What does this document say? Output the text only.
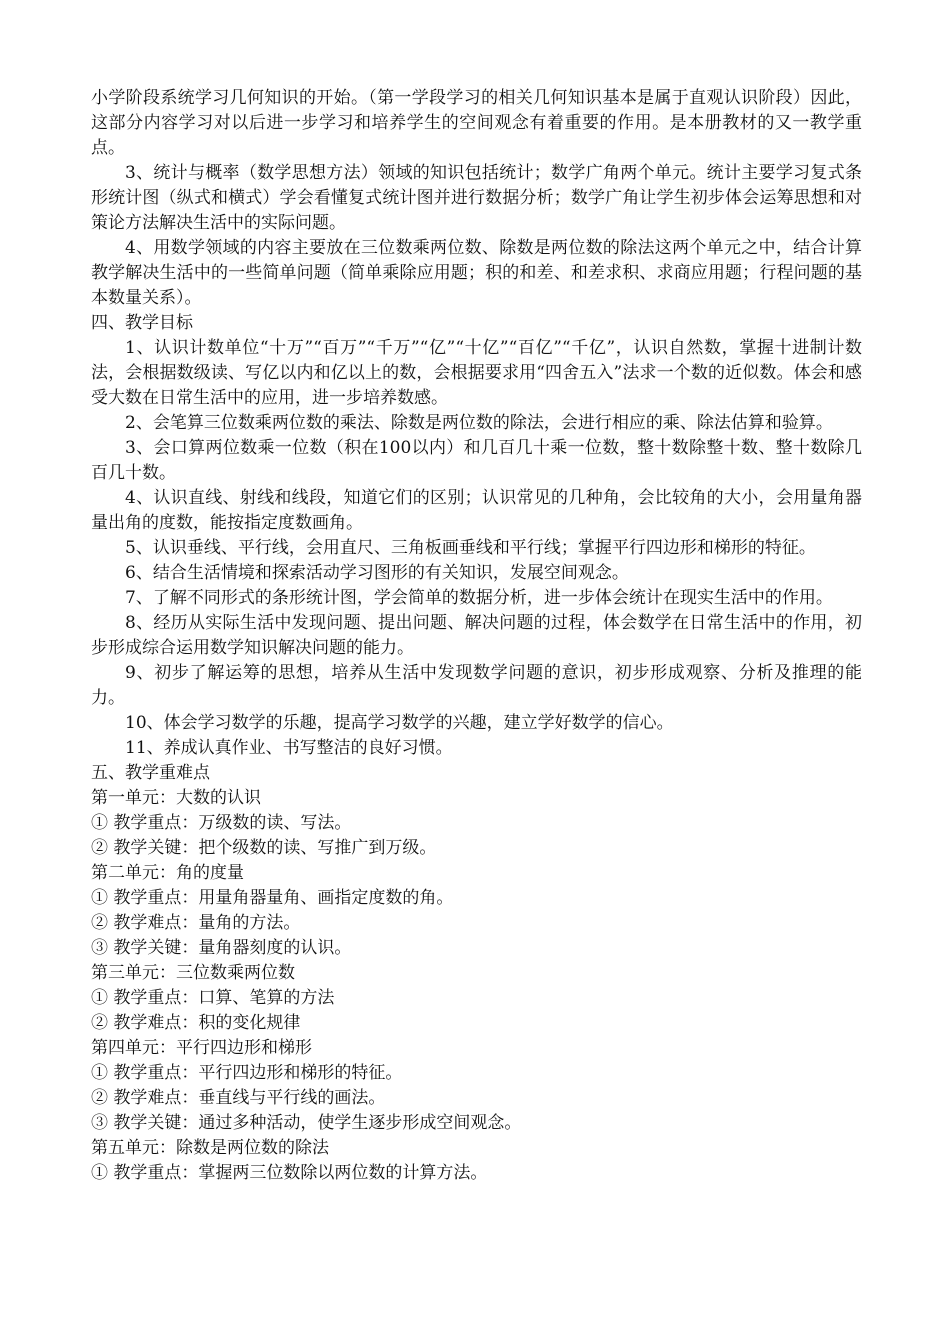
小学阶段系统学习几何知识的开始。（第一学段学习的相关几何知识基本是属于直观认识阶段）因此，这部分内容学习对以后进一步学习和培养学生的空间观念有着重要的作用。是本册教材的又一教学重点。

3、统计与概率（数学思想方法）领域的知识包括统计；数学广角两个单元。统计主要学习复式条形统计图（纵式和横式）学会看懂复式统计图并进行数据分析；数学广角让学生初步体会运筹思想和对策论方法解决生活中的实际问题。

4、用数学领域的内容主要放在三位数乘两位数、除数是两位数的除法这两个单元之中，结合计算教学解决生活中的一些简单问题（简单乘除应用题；积的和差、和差求积、求商应用题；行程问题的基本数量关系）。

四、教学目标

1、认识计数单位“十万”“百万”“千万”“亿”“十亿”“百亿”“千亿”，认识自然数，掌握十进制计数法，会根据数级读、写亿以内和亿以上的数，会根据要求用“四舍五入”法求一个数的近似数。体会和感受大数在日常生活中的应用，进一步培养数感。

2、会笔算三位数乘两位数的乘法、除数是两位数的除法，会进行相应的乘、除法估算和验算。

3、会口算两位数乘一位数（积在100以内）和几百几十乘一位数，整十数除整十数、整十数除几百几十数。

4、认识直线、射线和线段，知道它们的区别；认识常见的几种角，会比较角的大小，会用量角器量出角的度数，能按指定度数画角。

5、认识垂线、平行线，会用直尺、三角板画垂线和平行线；掌握平行四边形和梯形的特征。

6、结合生活情境和探索活动学习图形的有关知识，发展空间观念。

7、了解不同形式的条形统计图，学会简单的数据分析，进一步体会统计在现实生活中的作用。

8、经历从实际生活中发现问题、提出问题、解决问题的过程，体会数学在日常生活中的作用，初步形成综合运用数学知识解决问题的能力。

9、初步了解运筹的思想，培养从生活中发现数学问题的意识，初步形成观察、分析及推理的能力。

10、体会学习数学的乐趣，提高学习数学的兴趣，建立学好数学的信心。

11、养成认真作业、书写整洁的良好习惯。

五、教学重难点

第一单元：大数的认识

① 教学重点：万级数的读、写法。

② 教学关键：把个级数的读、写推广到万级。

第二单元：角的度量

① 教学重点：用量角器量角、画指定度数的角。

② 教学难点：量角的方法。

③ 教学关键：量角器刻度的认识。

第三单元：三位数乘两位数

① 教学重点：口算、笔算的方法

② 教学难点：积的变化规律

第四单元：平行四边形和梯形

① 教学重点：平行四边形和梯形的特征。

② 教学难点：垂直线与平行线的画法。

③ 教学关键：通过多种活动，使学生逐步形成空间观念。

第五单元：除数是两位数的除法

① 教学重点：掌握两三位数除以两位数的计算方法。
